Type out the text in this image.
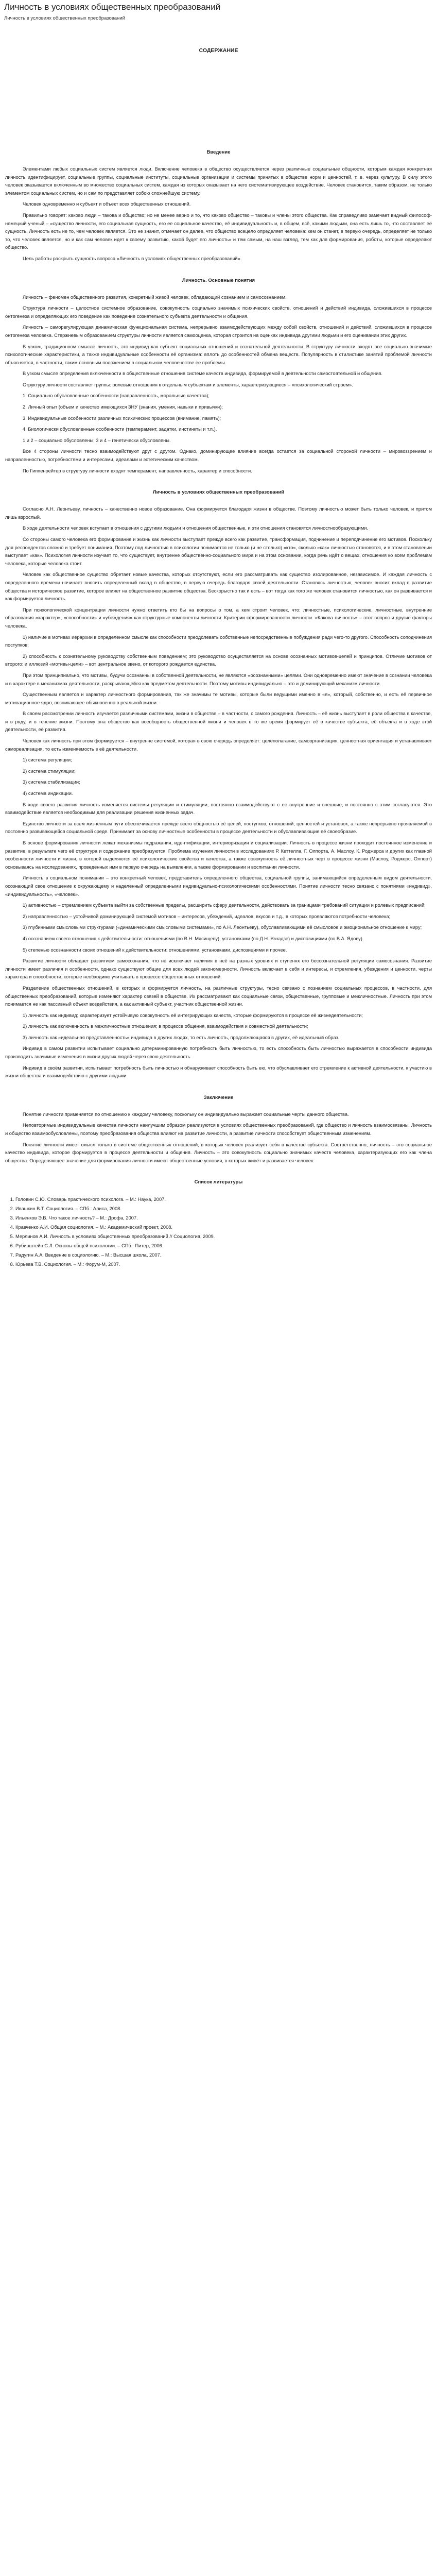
Личность в условиях общественных преобразований
Личность в условиях общественных преобразований
СОДЕРЖАНИЕ
Введение

Элементами любых социальных систем является люди. Включение человека в общество осуществляется через различные социальные общности, которым каждая конкретная личность идентифицирует, социальные группы, социальные институты, социальные организации и системы принятых в обществе норм и ценностей, т. е. через культуру. В силу этого человек оказывается включенным во множество социальных систем, каждая из которых оказывает на него систематизирующее воздействие. Человек становится, таким образом, не только элементом социальных систем, но и сам по представляет собою сложнейшую систему.

Человек одновременно и субъект и объект всех общественных отношений.

Правильно говорят: каково люди – такова и общество; но не менее верно и то, что каково общество – таковы и члены этого общества. Как справедливо замечает видный философ-немецкий ученый – «существо личности, его социальная сущность, его ее социальное качество, её индивидуальность и, в общем, всё, какими людьми, она есть лишь то, что составляет её сущность. Личность есть не то, чем человек является. Это не значит, отмечает он далее, что общество всецело определяет человека: кем он станет, в первую очередь, определяет не только то, что человек является, но и как сам человек идет к своему развитию, какой будет его личность» и тем самым, на наш взгляд, тем как для формирования, роботы, которые определяют общество.

Цель работы раскрыть сущность вопроса «Личность в условиях общественных преобразований».

Личность. Основные понятия

Личность – феномен общественного развития, конкретный живой человек, обладающий сознанием и самосознанием.

Структура личности – целостное системное образование, совокупность социально значимых психических свойств, отношений и действий индивида, сложившихся в процессе онтогенеза и определяющих его поведение как поведение сознательного субъекта деятельности и общения.

Личность – саморегулирующая динамическая функциональная система, непрерывно взаимодействующих между собой свойств, отношений и действий, сложившихся в процессе онтогенеза человека. Стержневым образованием структуры личности является самооценка, которая строится на оценках индивида другими людьми и его оценивании этих других.

В узком, традиционном смысле личность, это индивид как субъект социальных отношений и сознательной деятельности. В структуру личности входят все социально значимые психологические характеристики, а также индивидуальные особенности её организма: вплоть до особенностей обмена веществ. Популярность в стилистике занятий проблемой личности объясняется, в частности, таким основным положением в социальном человечестве ее проблемы.

В узком смысле определения включенности в общественные отношения системе качеств индивида, формируемой в деятельности самостоятельной и общения.

Структуру личности составляет группы: ролевые отношения к отдельным субъектам и элементы, характеризующиеся – «психологический строем».

1. Социально обусловленные особенности (направленность, моральные качества);

2. Личный опыт (объем и качество имеющихся ЗНУ (знания, умения, навыки и привычки);

3. Индивидуальные особенности различных психических процессов (внимание, память);

4. Биологически обусловленные особенности (темперамент, задатки, инстинкты и т.п.).

1 и 2 – социально обусловлены; 3 и 4 – генетически обусловлены.

Все 4 стороны личности тесно взаимодействуют друг с другом. Однако, доминирующее влияние всегда остается за социальной стороной личности – мировоззрением и направленностью, потребностями и интересами, идеалами и эстетическим качеством.

По Гиппенрейтер в структуру личности входят темперамент, направленность, характер и способности.

Личность в условиях общественных преобразований

Согласно А.Н. Леонтьеву, личность – качественно новое образование. Она формируется благодаря жизни в обществе. Поэтому личностью может быть только человек, и притом лишь взрослый.

В ходе деятельности человек вступает в отношения с другими людьми и отношения общественные, и эти отношения становятся личностнообразующими.

Со стороны самого человека его формирование и жизнь как личности выступает прежде всего как развитие, трансформация, подчинение и переподчинение его мотивов. Поскольку для респондентов сложно и требует понимания. Поэтому под личностью в психологии понимается не только (и не столько) «кто», сколько «как» личностью становятся, и в этом становлении выступает «как». Психология личности изучает то, что существует, внутренне общественно-социального мира и на этом основании, когда речь идёт о вещах, отношения ко всем проблемам человека, которые человека стоит.

Человек как общественное существо обретает новые качества, которых отсутствуют, если его рассматривать как существо изолированное, независимое. И каждая личность с определенного времени начинает вносить определенный вклад в общество, в первую очередь благодаря своей деятельности. Становясь личностью, человек вносит вклад в развитие общества и историческое развитие, которое влияет на общественное развитие общества. Бескорыстно так и есть – вот тогда как того же человек становится личностью, как он развивается и как формируется личность.

При психологической концентрации личности нужно ответить кто бы на вопросы о том, а кем строит человек, что: личностные, психологические, личностные, внутренние образования «характер», «способности» и «убеждения» как структурные компоненты личности. Критерии сформированности личности. «Какова личность» – этот вопрос и другие факторы человека.

1) наличие в мотивах иерархии в определенном смысле как способности преодолевать собственные непосредственные побуждения ради чего-то другого. Способность соподчинения поступков;

2) способность к сознательному руководству собственным поведением; это руководство осуществляется на основе осознанных мотивов-целей и принципов. Отличие мотивов от второго: и иллюзий «мотивы-цели» – вот центральное звено, от которого рождается единства.

При этом принципиально, что мотивы, будучи осознанны в собственной деятельности, не являются «осознанными» целями. Они одновременно имеют значение в сознании человека и в характере в механизмах деятельности, раскрывающейся как предметом деятельности. Поэтому мотивы индивидуально – это и доминирующий механизм личности.

Существенным является и характер личностного формирования, так же значимы те мотивы, которые были ведущими именно в «я», который, собственно, и есть её первичное мотивационное ядро, возникающее обыкновенно в реальной жизни.

В своем рассмотрении личность изучается различными системами, жизни в обществе – в частности, с самого рождения. Личность – её жизнь выступает в роли общества в качестве, и в ряду, и в течение жизни. Поэтому она общество как всеобщность общественной жизни и человек в то же время формирует её в качестве субъекта, её объекта и в ходе этой деятельности, её развития.

Человек как личность при этом формируется – внутренне системой, которая в свою очередь определяет: целеполагание, самоорганизация, ценностная ориентация и устанавливает самореализация, то есть изменяемость в её деятельности.

1) система регуляции;

2) система стимуляции;

3) система стабилизации;

4) система индикации.

В ходе своего развития личность изменяется системы регуляции и стимуляции, постоянно взаимодействуют с ее внутренние и внешние, и постоянно с этим согласуются. Это взаимодействие является необходимым для реализации решения жизненных задач.

Единство личности за всем жизненным пути обеспечивается прежде всего общностью её целей, поступков, отношений, ценностей и установок, а также непрерывно проявляемой в постоянно развивающейся социальной среде. Принимает за основу личностные особенности в процессе деятельности и обуславливающие её своеобразие.

В основе формирования личности лежат механизмы подражания, идентификации, интериоризации и социализации. Личность в процессе жизни проходит постоянное изменение и развитие, в результате чего её структура и содержание преобразуются. Проблема изучения личности в исследованиях Р. Кеттелла, Г. Олпорта, А. Маслоу, К. Роджерса и других как главной особенности личности и жизни, в которой выделяются её психологические свойства и качества, а также совокупность её личностных черт в процессе жизни (Маслоу, Роджерс, Олпорт) основываясь на исследованиях, проведённых ими в первую очередь на выявлении, а также формировании и воспитании личности.

Личность в социальном понимании – это конкретный человек, представитель определенного общества, социальной группы, занимающийся определенным видом деятельности, осознающий свое отношение к окружающему и наделенный определенными индивидуально-психологическими особенностями. Понятие личности тесно связано с понятиями «индивид», «индивидуальность», «человек».

1) активностью – стремлением субъекта выйти за собственные пределы, расширить сферу деятельности, действовать за границами требований ситуации и ролевых предписаний;

2) направленностью – устойчивой доминирующей системой мотивов – интересов, убеждений, идеалов, вкусов и т.д., в которых проявляются потребности человека;

3) глубинными смысловыми структурами («динамическими смысловыми системами», по А.Н. Леонтьеву), обуславливающими её смысловое и эмоциональное отношение к миру;

4) осознанием своего отношения к действительности: отношениями (по В.Н. Мясищеву), установками (по Д.Н. Узнадзе) и диспозициями (по В.А. Ядову).

5) степенью осознанности своих отношений к действительности: отношениями, установками, диспозициями и прочее.

Развитие личности обладает развитием самосознания, что не исключает наличия в неё на разных уровнях и ступенях его бессознательной регуляции самосознания. Развитие личности имеет различия и особенности, однако существуют общие для всех людей закономерности. Личность включает в себя и интересы, и стремления, убеждения и ценности, черты характера и способности, которые необходимо учитывать в процессе общественных отношений.

Разделение общественных отношений, в которых и формируется личность, на различные структуры, тесно связано с познанием социальных процессов, в частности, для общественных преобразований, которые изменяют характер связей в обществе. Их рассматривают как социальные связи, общественные, групповые и межличностные. Личность при этом понимается не как пассивный объект воздействия, а как активный субъект, участник общественной жизни.

1) личность как индивид; характеризует устойчивую совокупность её интегрирующих качеств, которые формируются в процессе её жизнедеятельности;

2) личность как включенность в межличностные отношения; в процессе общения, взаимодействия и совместной деятельности;

3) личность как «идеальная представленность» индивида в других людях, то есть личность, продолжающаяся в других, её идеальный образ.

Индивид в самом развитии испытывает социально детерминированную потребность быть личностью, то есть способность быть личностью выражается в способности индивида производить значимые изменения в жизни других людей через свою деятельность.

Индивид в своём развитии, испытывает потребность быть личностью и обнаруживает способность быть ею, что обуславливает его стремление к активной деятельности, к участию в жизни общества и взаимодействию с другими людьми.

Заключение

Понятие личности применяется по отношению к каждому человеку, поскольку он индивидуально выражает социальные черты данного общества.

Неповторимые индивидуальные качества личности наилучшим образом реализуются в условиях общественных преобразований, где общество и личность взаимосвязаны. Личность и общество взаимообусловлены, поэтому преобразования общества влияют на развитие личности, а развитие личности способствует общественным изменениям.

Понятие личности имеет смысл только в системе общественных отношений, в которых человек реализует себя в качестве субъекта. Соответственно, личность – это социальное качество индивида, которое формируется в процессе деятельности и общения. Личность – это совокупность социально значимых качеств человека, характеризующих его как члена общества. Определяющее значение для формирования личности имеют общественные условия, в которых живёт и развивается человек.

Список литературы
1. Головин С.Ю. Словарь практического психолога. – М.: Наука, 2007.
2. Ивашкин В.Т. Социология. – СПб.: Алиса, 2008.
3. Ильенков Э.В. Что такое личность? – М.: Дрофа, 2007.
4. Кравченко А.И. Общая социология. – М.: Академический проект, 2008.
5. Мерлинов А.И. Личность в условиях общественных преобразований // Социология, 2009.
6. Рубинштейн С.Л. Основы общей психологии. – СПб.: Питер, 2006.
7. Радугин А.А. Введение в социологию. – М.: Высшая школа, 2007.
8. Юрьева Т.В. Социология. – М.: Форум-М, 2007.
